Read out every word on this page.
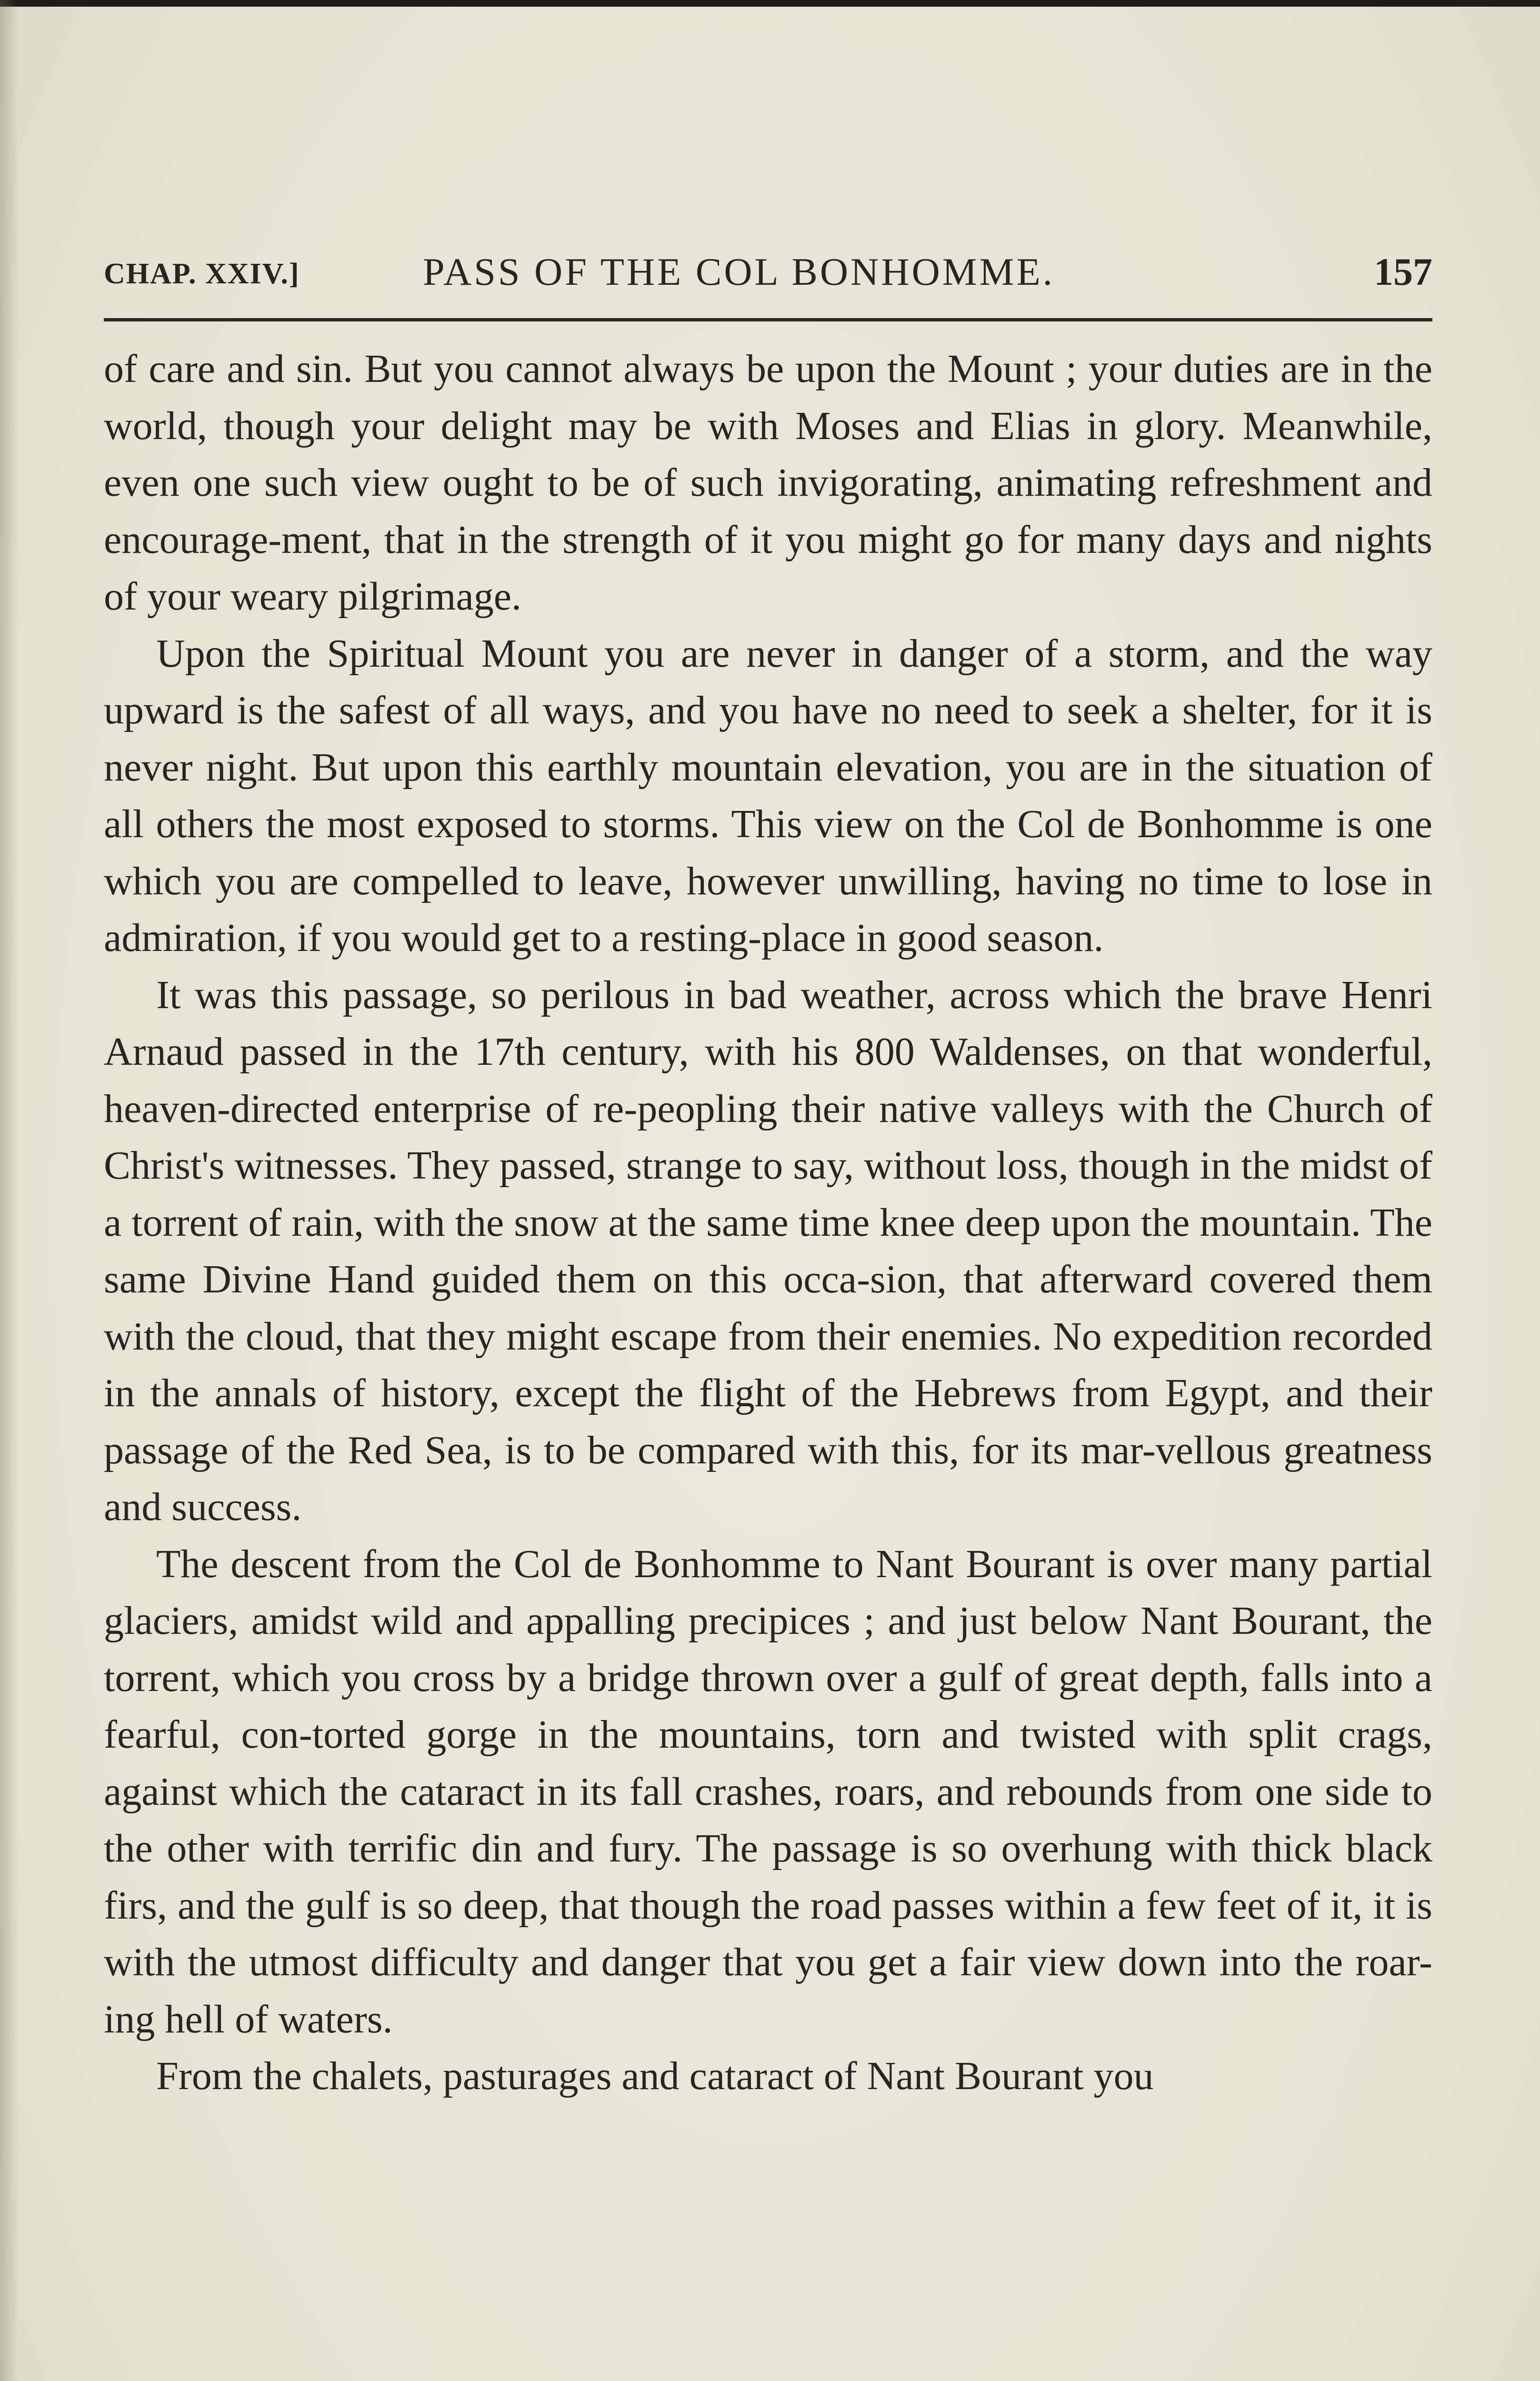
CHAP. XXIV.]	PASS OF THE COL BONHOMME.	157

of care and sin. But you cannot always be upon the Mount ; your duties are in the world, though your delight may be with Moses and Elias in glory. Meanwhile, even one such view ought to be of such invigorating, animating refreshment and encourage-ment, that in the strength of it you might go for many days and nights of your weary pilgrimage.

Upon the Spiritual Mount you are never in danger of a storm, and the way upward is the safest of all ways, and you have no need to seek a shelter, for it is never night. But upon this earthly mountain elevation, you are in the situation of all others the most exposed to storms. This view on the Col de Bonhomme is one which you are compelled to leave, however unwilling, having no time to lose in admiration, if you would get to a resting-place in good season.

It was this passage, so perilous in bad weather, across which the brave Henri Arnaud passed in the 17th century, with his 800 Waldenses, on that wonderful, heaven-directed enterprise of re-peopling their native valleys with the Church of Christ's witnesses. They passed, strange to say, without loss, though in the midst of a torrent of rain, with the snow at the same time knee deep upon the mountain. The same Divine Hand guided them on this occa-sion, that afterward covered them with the cloud, that they might escape from their enemies. No expedition recorded in the annals of history, except the flight of the Hebrews from Egypt, and their passage of the Red Sea, is to be compared with this, for its mar-vellous greatness and success.

The descent from the Col de Bonhomme to Nant Bourant is over many partial glaciers, amidst wild and appalling precipices ; and just below Nant Bourant, the torrent, which you cross by a bridge thrown over a gulf of great depth, falls into a fearful, con-torted gorge in the mountains, torn and twisted with split crags, against which the cataract in its fall crashes, roars, and rebounds from one side to the other with terrific din and fury. The passage is so overhung with thick black firs, and the gulf is so deep, that though the road passes within a few feet of it, it is with the utmost difficulty and danger that you get a fair view down into the roar-ing hell of waters.

From the chalets, pasturages and cataract of Nant Bourant you
